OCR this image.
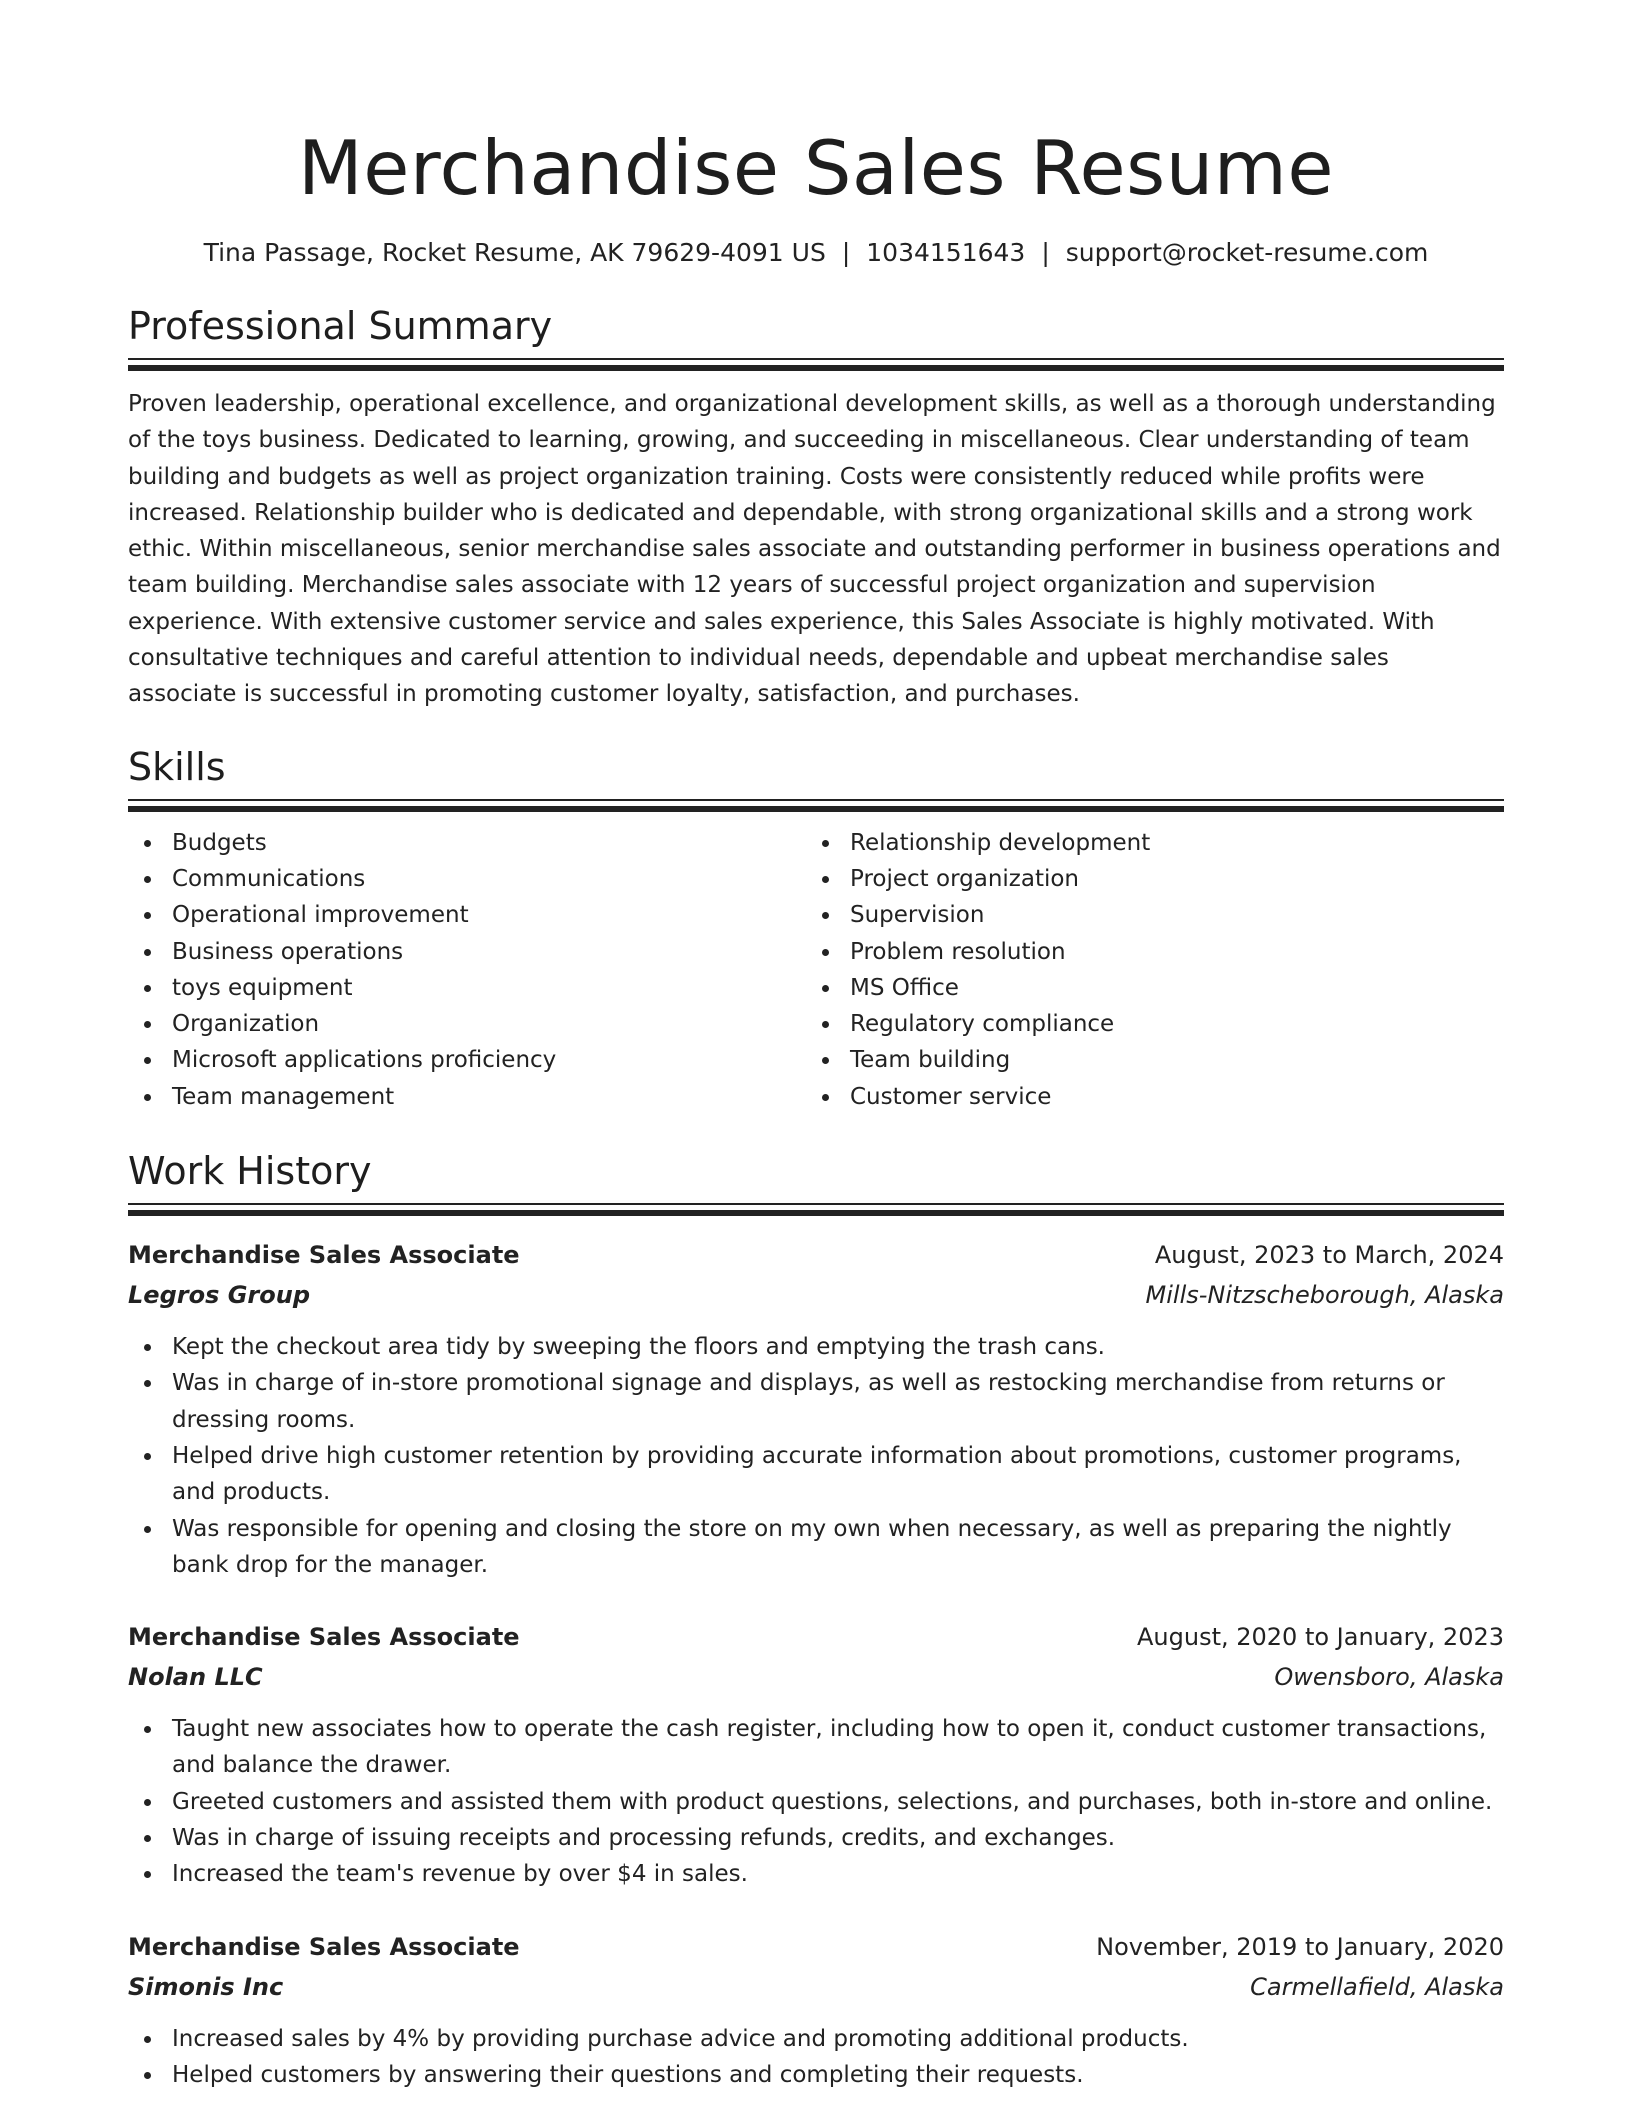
Merchandise Sales Resume
Tina Passage, Rocket Resume, AK 79629-4091 US | 1034151643 | support@rocket-resume.com
Professional Summary

Proven leadership, operational excellence, and organizational development skills, as well as a thorough understanding of the toys business. Dedicated to learning, growing, and succeeding in miscellaneous. Clear understanding of team building and budgets as well as project organization training. Costs were consistently reduced while profits were increased. Relationship builder who is dedicated and dependable, with strong organizational skills and a strong work ethic. Within miscellaneous, senior merchandise sales associate and outstanding performer in business operations and team building. Merchandise sales associate with 12 years of successful project organization and supervision experience. With extensive customer service and sales experience, this Sales Associate is highly motivated. With consultative techniques and careful attention to individual needs, dependable and upbeat merchandise sales associate is successful in promoting customer loyalty, satisfaction, and purchases.

Skills
Budgets
Communications
Operational improvement
Business operations
toys equipment
Organization
Microsoft applications proficiency
Team management
Relationship development
Project organization
Supervision
Problem resolution
MS Office
Regulatory compliance
Team building
Customer service
Work History
Merchandise Sales Associate	August, 2023 to March, 2024
Legros Group	Mills-Nitzscheborough, Alaska
Kept the checkout area tidy by sweeping the floors and emptying the trash cans.
Was in charge of in-store promotional signage and displays, as well as restocking merchandise from returns or dressing rooms.
Helped drive high customer retention by providing accurate information about promotions, customer programs, and products.
Was responsible for opening and closing the store on my own when necessary, as well as preparing the nightly bank drop for the manager.
Merchandise Sales Associate	August, 2020 to January, 2023
Nolan LLC	Owensboro, Alaska
Taught new associates how to operate the cash register, including how to open it, conduct customer transactions, and balance the drawer.
Greeted customers and assisted them with product questions, selections, and purchases, both in-store and online.
Was in charge of issuing receipts and processing refunds, credits, and exchanges.
Increased the team's revenue by over $4 in sales.
Merchandise Sales Associate	November, 2019 to January, 2020
Simonis Inc	Carmellafield, Alaska
Increased sales by 4% by providing purchase advice and promoting additional products.
Helped customers by answering their questions and completing their requests.
